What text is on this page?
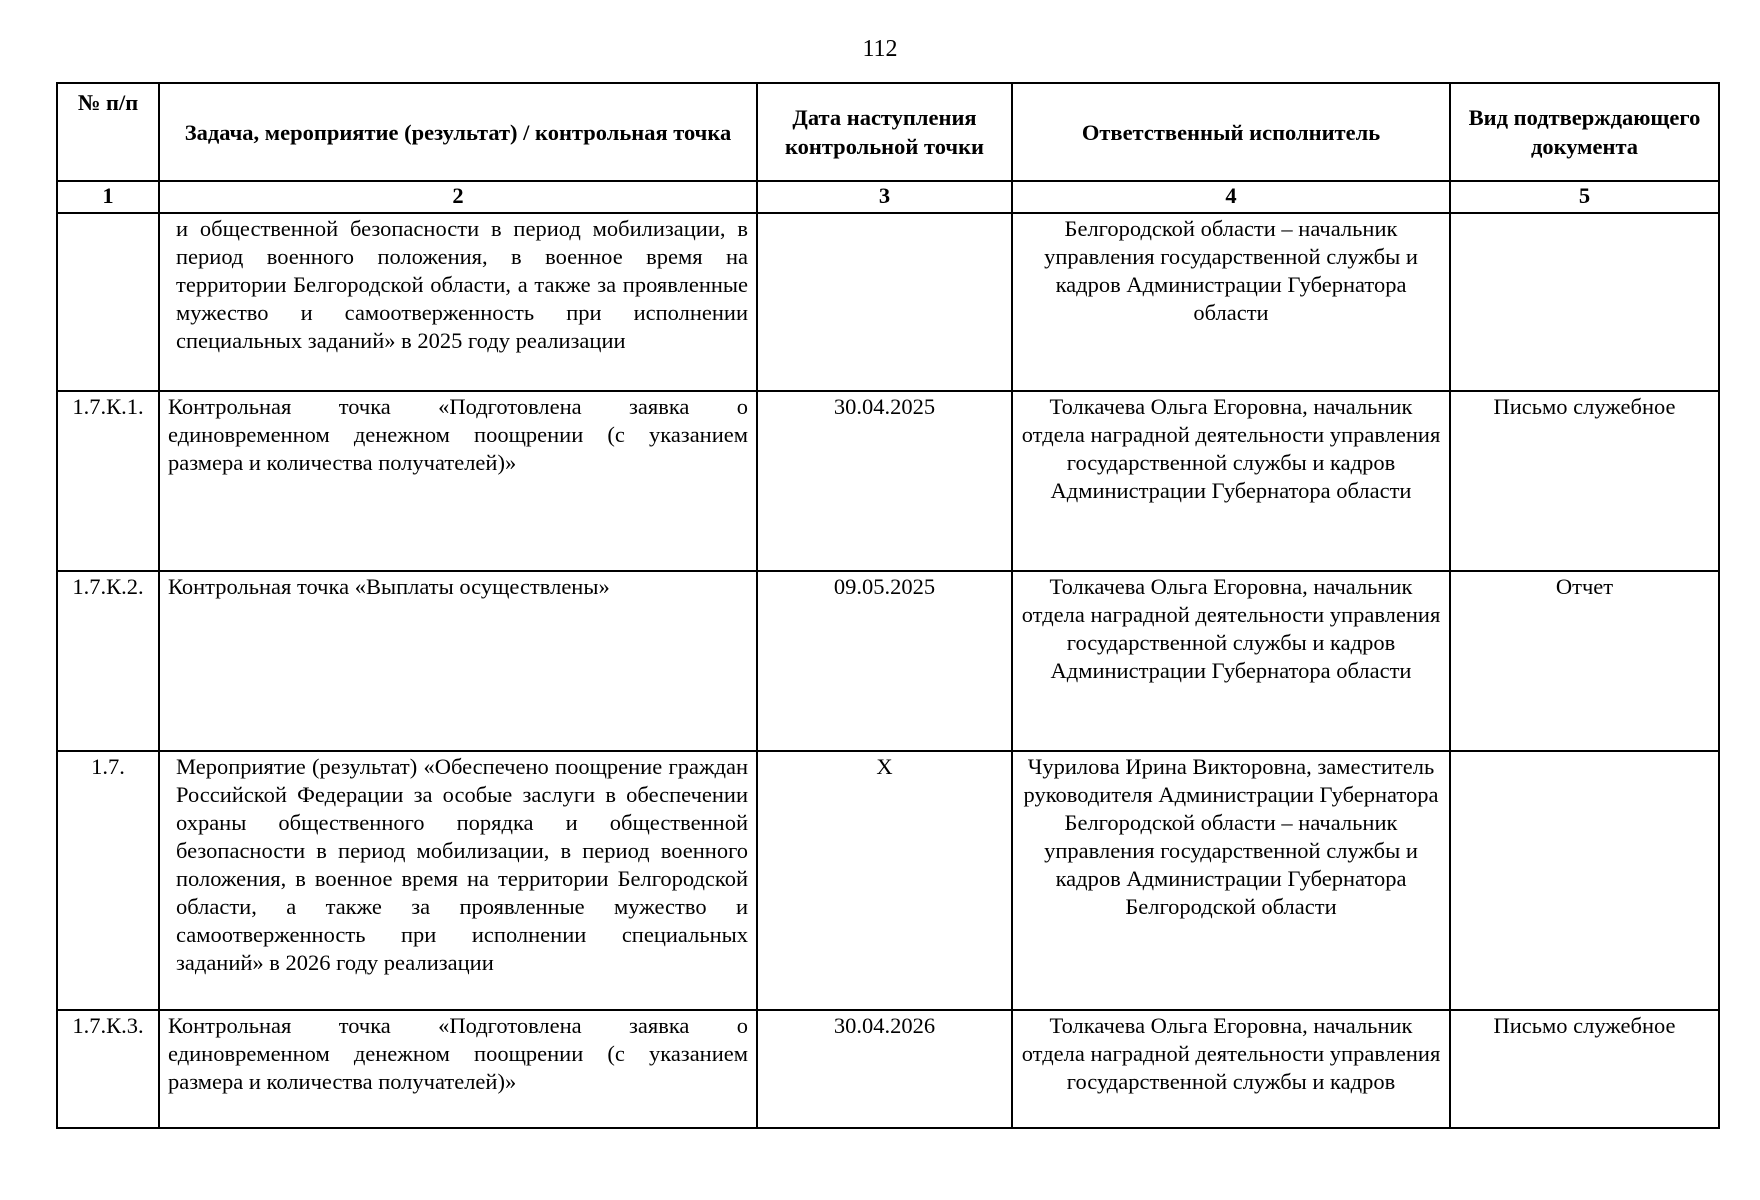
112
№ п/п	Задача, мероприятие (результат) / контрольная точка	Дата наступления контрольной точки	Ответственный исполнитель	Вид подтверждающего документа
1	2	3	4	5
	и общественной безопасности в период мобилизации, в период военного положения, в военное время на территории Белгородской области, а также за проявленные мужество и самоотверженность при исполнении специальных заданий» в 2025 году реализации		Белгородской области – начальник управления государственной службы и кадров Администрации Губернатора области	
1.7.К.1.	Контрольная точка «Подготовлена заявка о единовременном денежном поощрении (с указанием размера и количества получателей)»	30.04.2025	Толкачева Ольга Егоровна, начальник отдела наградной деятельности управления государственной службы и кадров Администрации Губернатора области	Письмо служебное
1.7.К.2.	Контрольная точка «Выплаты осуществлены»	09.05.2025	Толкачева Ольга Егоровна, начальник отдела наградной деятельности управления государственной службы и кадров Администрации Губернатора области	Отчет
1.7.	Мероприятие (результат) «Обеспечено поощрение граждан Российской Федерации за особые заслуги в обеспечении охраны общественного порядка и общественной безопасности в период мобилизации, в период военного положения, в военное время на территории Белгородской области, а также за проявленные мужество и самоотверженность при исполнении специальных заданий» в 2026 году реализации	Х	Чурилова Ирина Викторовна, заместитель руководителя Администрации Губернатора Белгородской области – начальник управления государственной службы и кадров Администрации Губернатора Белгородской области	
1.7.К.3.	Контрольная точка «Подготовлена заявка о единовременном денежном поощрении (с указанием размера и количества получателей)»	30.04.2026	Толкачева Ольга Егоровна, начальник отдела наградной деятельности управления государственной службы и кадров	Письмо служебное
